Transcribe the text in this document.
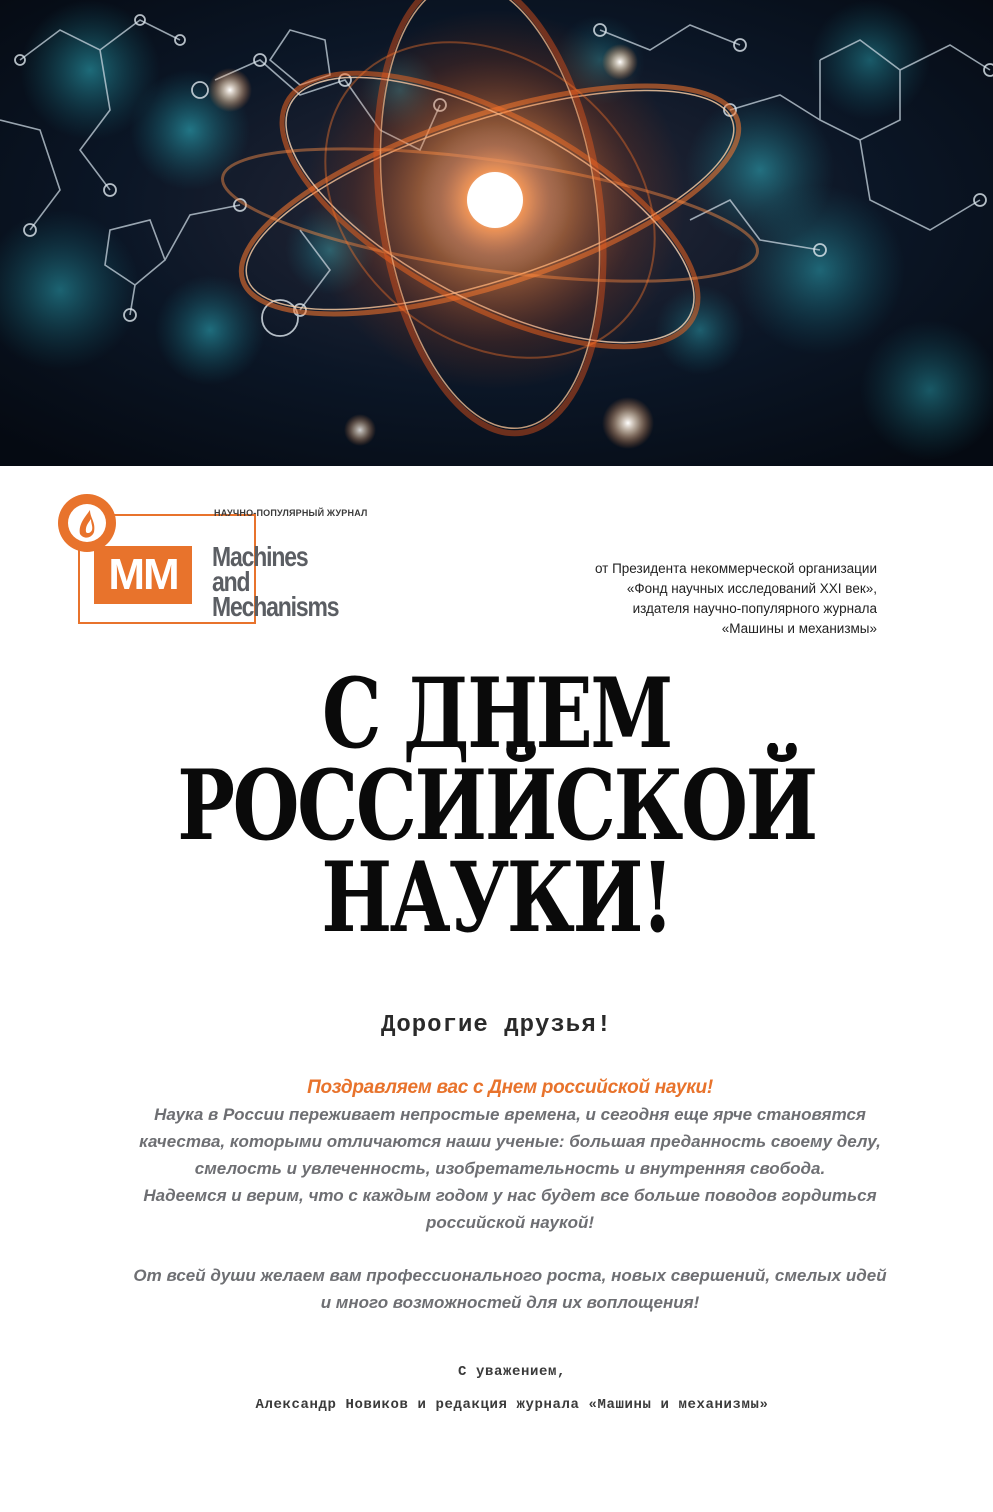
MM
НАУЧНО-ПОПУЛЯРНЫЙ ЖУРНАЛ
Machines
and
Mechanisms
от Президента некоммерческой организации
«Фонд научных исследований XXI век»,
издателя научно-популярного журнала
«Машины и механизмы»
С ДНЕМ
РОССИЙСКОЙ
НАУКИ!
Дорогие друзья!
Поздравляем вас с Днем российской науки!
Наука в России переживает непростые времена, и сегодня еще ярче становятся
качества, которыми отличаются наши ученые: большая преданность своему делу,
смелость и увлеченность, изобретательность и внутренняя свобода.
Надеемся и верим, что с каждым годом у нас будет все больше поводов гордиться
российской наукой!
От всей души желаем вам профессионального роста, новых свершений, смелых идей
и много возможностей для их воплощения!
С уважением,
Александр Новиков и редакция журнала «Машины и механизмы»
